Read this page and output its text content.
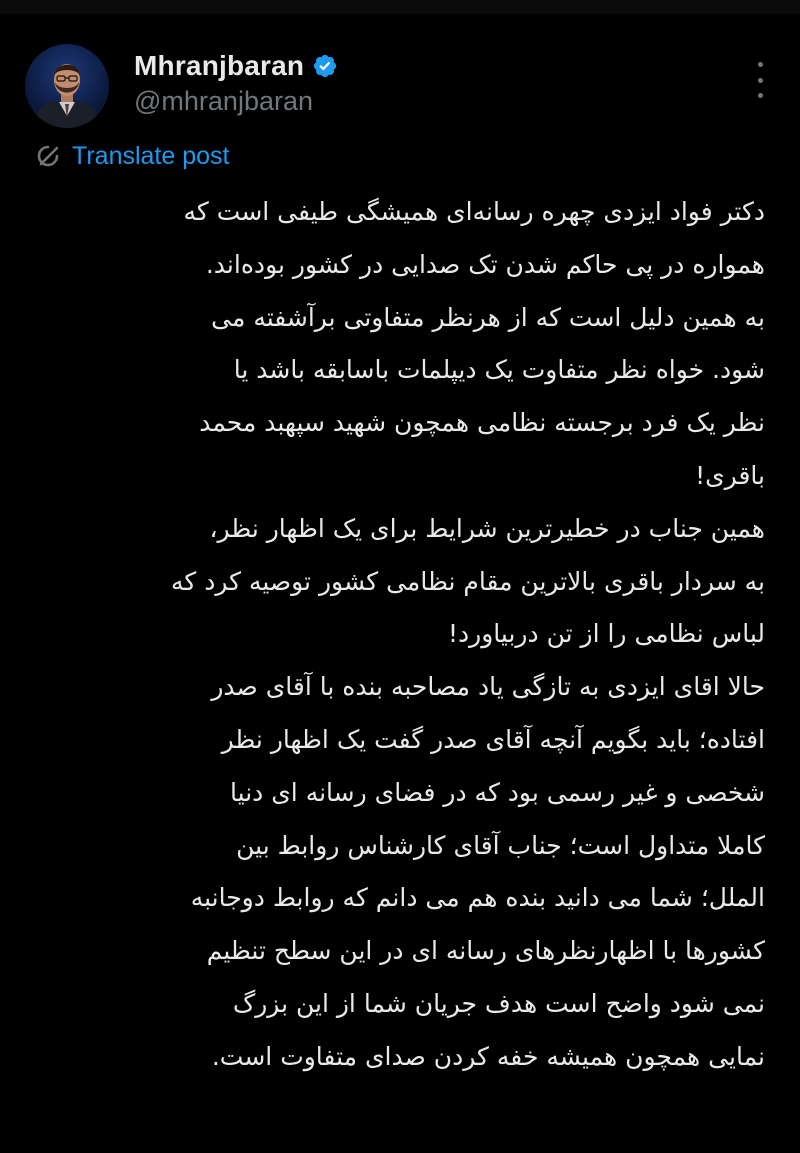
Mhranjbaran
@mhranjbaran
Translate post
دکتر فواد ایزدی چهره رسانه‌ای همیشگی طیفی است که
همواره در پی حاکم شدن تک صدایی در کشور بوده‌اند.
به همین دلیل است که از هرنظر متفاوتی برآشفته می
شود. خواه نظر متفاوت یک دیپلمات باسابقه باشد یا
نظر یک فرد برجسته نظامی همچون شهید سپهبد محمد
باقری!
همین جناب در خطیرترین شرایط برای یک اظهار نظر،
به سردار باقری بالاترین مقام نظامی کشور توصیه کرد که
لباس نظامی را از تن دربیاورد!
حالا اقای ایزدی به تازگی یاد مصاحبه بنده با آقای صدر
افتاده؛ باید بگویم آنچه آقای صدر گفت یک اظهار نظر
شخصی و غیر رسمی بود که در فضای رسانه ای دنیا
کاملا متداول است؛ جناب آقای کارشناس روابط بین
الملل؛ شما می دانید بنده هم می دانم که روابط دوجانبه
کشورها با اظهارنظرهای رسانه ای در این سطح تنظیم
نمی شود واضح است هدف جریان شما از این بزرگ
نمایی همچون همیشه خفه کردن صدای متفاوت است.
